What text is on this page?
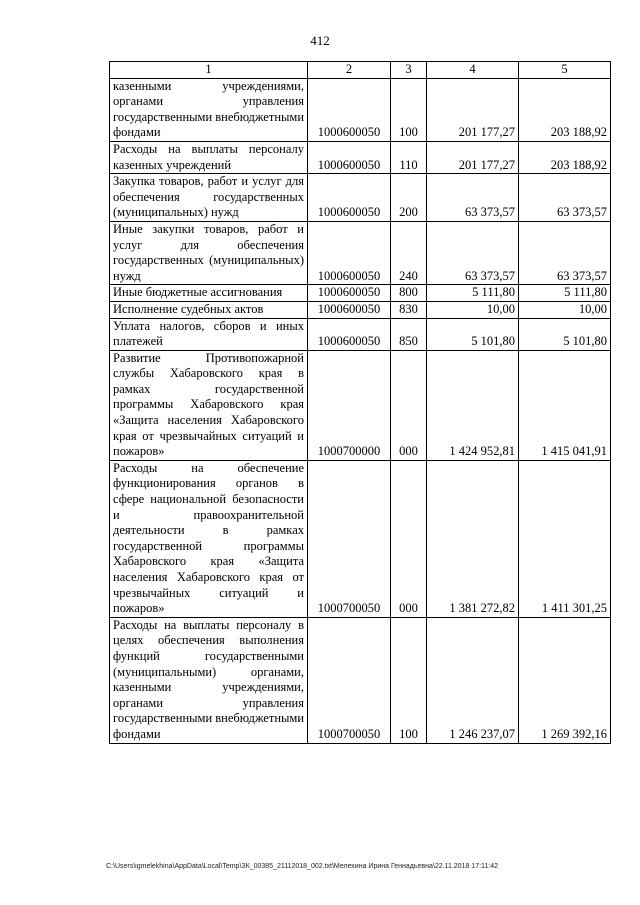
412
1	2	3	4	5
казенными учреждениями, органами управления государственными внебюджетными фондами	1000600050	100	201 177,27	203 188,92
Расходы на выплаты персоналу казенных учреждений	1000600050	110	201 177,27	203 188,92
Закупка товаров, работ и услуг для обеспечения государственных (муниципальных) нужд	1000600050	200	63 373,57	63 373,57
Иные закупки товаров, работ и услуг для обеспечения государственных (муниципальных) нужд	1000600050	240	63 373,57	63 373,57
Иные бюджетные ассигнования	1000600050	800	5 111,80	5 111,80
Исполнение судебных актов	1000600050	830	10,00	10,00
Уплата налогов, сборов и иных платежей	1000600050	850	5 101,80	5 101,80
Развитие Противопожарной службы Хабаровского края в рамках государственной программы Хабаровского края «Защита населения Хабаровского края от чрезвычайных ситуаций и пожаров»	1000700000	000	1 424 952,81	1 415 041,91
Расходы на обеспечение функционирования органов в сфере национальной безопасности и правоохранительной деятельности в рамках государственной программы Хабаровского края «Защита населения Хабаровского края от чрезвычайных ситуаций и пожаров»	1000700050	000	1 381 272,82	1 411 301,25
Расходы на выплаты персоналу в целях обеспечения выполнения функций государственными (муниципальными) органами, казенными учреждениями, органами управления государственными внебюджетными фондами	1000700050	100	1 246 237,07	1 269 392,16
C:\Users\igmelekhina\AppData\Local\Temp\ЗК_00385_21112018_002.txt\Мелехина Ирина Геннадьевна\22.11.2018 17:11:42
